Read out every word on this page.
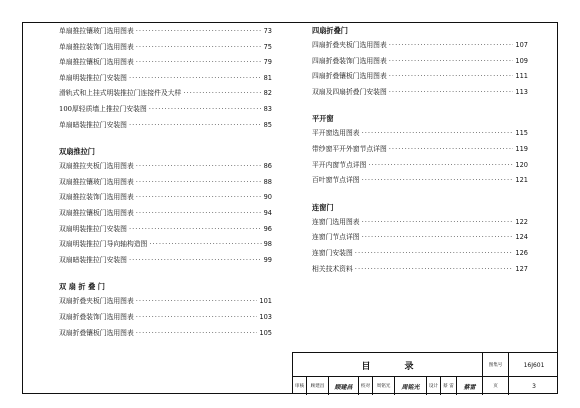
单扇推拉镶玻门选用图表 ·····	73
单扇推拉装饰门选用图表 ·····	75
单扇推拉镶板门选用图表 ·····	79
单扇明装推拉门安装图 ·····	81
滑轨式和上挂式明装推拉门连接件及大样 ·····	82
100厚轻质墙上推拉门安装图 ·····	83
单扇暗装推拉门安装图 ·····	85
双扇推拉门
双扇推拉夹板门选用图表 ·····	86
双扇推拉镶玻门选用图表 ·····	88
双扇推拉装饰门选用图表 ·····	90
双扇推拉镶板门选用图表 ·····	94
双扇明装推拉门安装图 ·····	96
双扇明装推拉门导向轴构造图 ·····	98
双扇暗装推拉门安装图 ·····	99
双 扇 折 叠 门
双扇折叠夹板门选用图表 ·····	101
双扇折叠装饰门选用图表 ·····	103
双扇折叠镶板门选用图表 ·····	105
四扇折叠门
四扇折叠夹板门选用图表 ·····	107
四扇折叠装饰门选用图表 ·····	109
四扇折叠镶板门选用图表 ·····	111
双扇及四扇折叠门安装图 ·····	113
平开窗
平开窗选用图表 ·····	115
带纱窗平开外窗节点详图 ·····	119
平开内窗节点详图 ·····	120
百叶窗节点详图 ·····	121
连窗门
连窗门选用图表 ·····	122
连窗门节点详图 ·····	124
连窗门安装图 ·····	126
相关技术资料 ·····	127
目	录	图集号	16J601
审核	顾建昌	顾建昌	校对	周铭光	周铭光	设计	蔡 雷	蔡雷	页	3
